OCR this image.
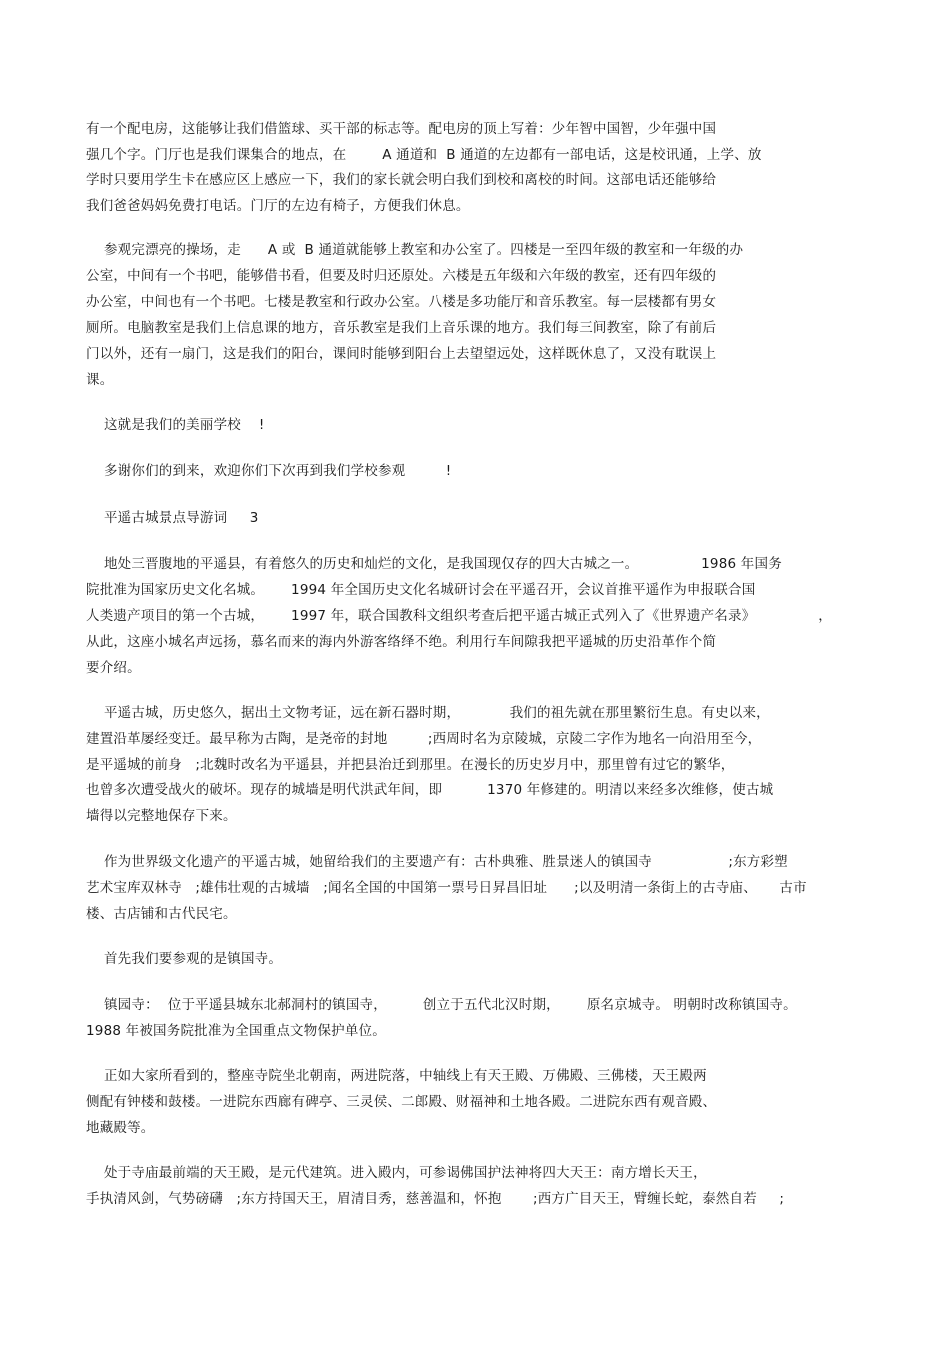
有一个配电房，这能够让我们借篮球、买干部的标志等。配电房的顶上写着：少年智中国智，少年强中国
强几个字。门厅也是我们课集合的地点，在        A 通道和  B 通道的左边都有一部电话，这是校讯通，上学、放
学时只要用学生卡在感应区上感应一下，我们的家长就会明白我们到校和离校的时间。这部电话还能够给
我们爸爸妈妈免费打电话。门厅的左边有椅子，方便我们休息。
参观完漂亮的操场，走      A 或  B 通道就能够上教室和办公室了。四楼是一至四年级的教室和一年级的办
公室，中间有一个书吧，能够借书看，但要及时归还原处。六楼是五年级和六年级的教室，还有四年级的
办公室，中间也有一个书吧。七楼是教室和行政办公室。八楼是多功能厅和音乐教室。每一层楼都有男女
厕所。电脑教室是我们上信息课的地方，音乐教室是我们上音乐课的地方。我们每三间教室，除了有前后
门以外，还有一扇门，这是我们的阳台，课间时能够到阳台上去望望远处，这样既休息了，又没有耽误上
课。
这就是我们的美丽学校    !
多谢你们的到来，欢迎你们下次再到我们学校参观         !
平遥古城景点导游词     3
地处三晋腹地的平遥县，有着悠久的历史和灿烂的文化，是我国现仅存的四大古城之一。              1986 年国务
院批准为国家历史文化名城。      1994 年全国历史文化名城研讨会在平遥召开，会议首推平遥作为申报联合国
人类遗产项目的第一个古城，      1997 年，联合国教科文组织考查后把平遥古城正式列入了《世界遗产名录》              ，
从此，这座小城名声远扬，慕名而来的海内外游客络绎不绝。利用行车间隙我把平遥城的历史沿革作个简
要介绍。
平遥古城，历史悠久，据出土文物考证，远在新石器时期，           我们的祖先就在那里繁衍生息。有史以来，
建置沿革屡经变迁。最早称为古陶，是尧帝的封地         ;西周时名为京陵城，京陵二字作为地名一向沿用至今，
是平遥城的前身   ;北魏时改名为平遥县，并把县治迁到那里。在漫长的历史岁月中，那里曾有过它的繁华，
也曾多次遭受战火的破坏。现存的城墙是明代洪武年间，即          1370 年修建的。明清以来经多次维修，使古城
墙得以完整地保存下来。
作为世界级文化遗产的平遥古城，她留给我们的主要遗产有：古朴典雅、胜景迷人的镇国寺                 ;东方彩塑
艺术宝库双林寺   ;雄伟壮观的古城墙   ;闻名全国的中国第一票号日昇昌旧址      ;以及明清一条街上的古寺庙、     古市
楼、古店铺和古代民宅。
首先我们要参观的是镇国寺。
镇园寺：  位于平遥县城东北郝洞村的镇国寺，        创立于五代北汉时期，      原名京城寺。 明朝时改称镇国寺。
1988 年被国务院批准为全国重点文物保护单位。
正如大家所看到的，整座寺院坐北朝南，两进院落，中轴线上有天王殿、万佛殿、三佛楼，天王殿两
侧配有钟楼和鼓楼。一进院东西廊有碑亭、三灵侯、二郎殿、财福神和土地各殿。二进院东西有观音殿、
地藏殿等。
处于寺庙最前端的天王殿，是元代建筑。进入殿内，可参谒佛国护法神将四大天王：南方增长天王，
手执清风剑，气势磅礴   ;东方持国天王，眉清目秀，慈善温和，怀抱       ;西方广目天王，臂缠长蛇，泰然自若     ;
